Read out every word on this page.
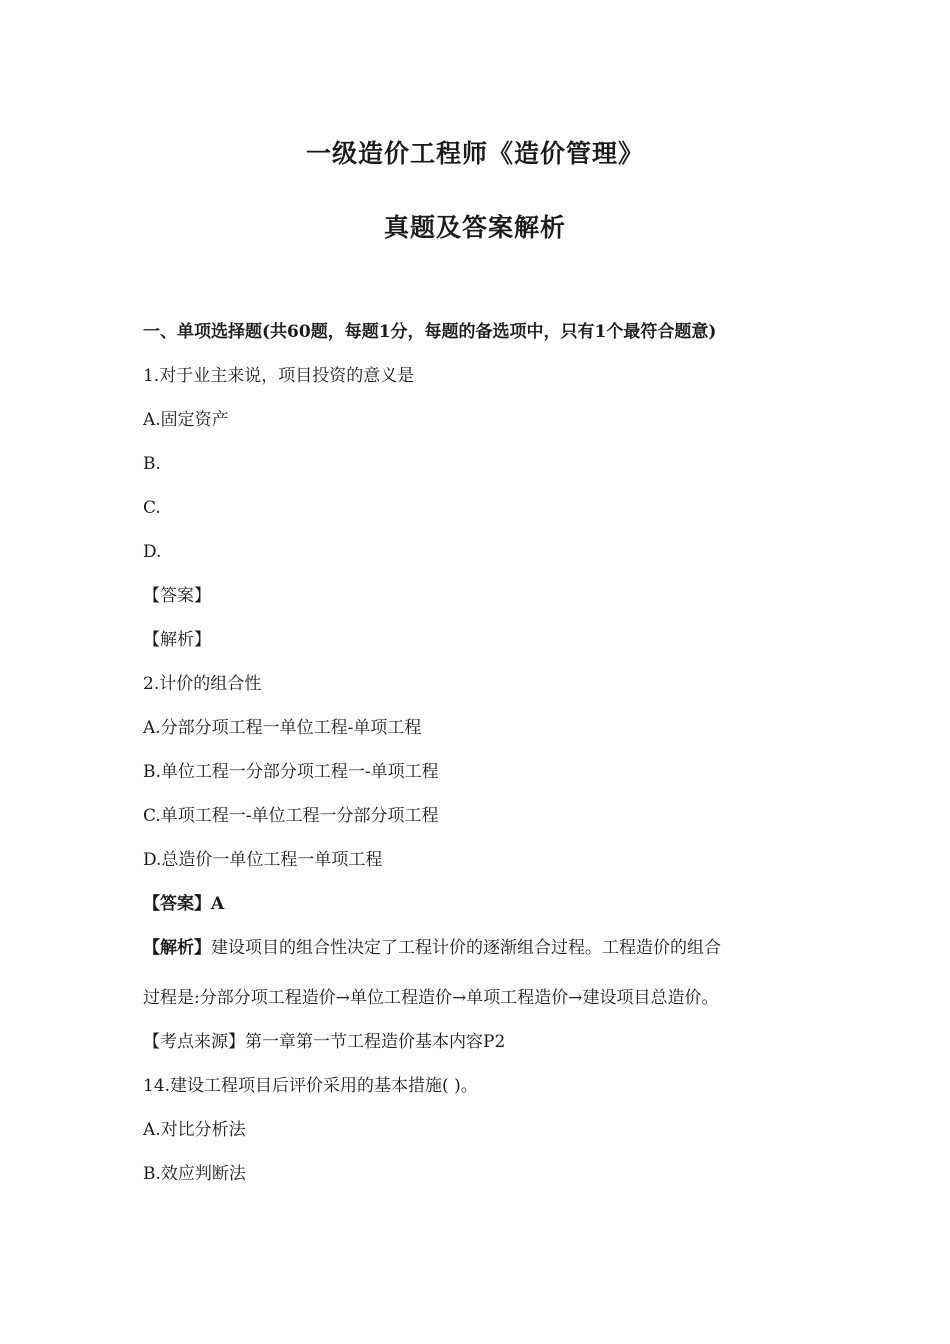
一级造价工程师《造价管理》
真题及答案解析
一、单项选择题(共60题，每题1分，每题的备选项中，只有1个最符合题意)
1.对于业主来说，项目投资的意义是
A.固定资产
B.
C.
D.
【答案】
【解析】
2.计价的组合性
A.分部分项工程一单位工程-单项工程
B.单位工程一分部分项工程一-单项工程
C.单项工程一-单位工程一分部分项工程
D.总造价一单位工程一单项工程
【答案】A
【解析】建设项目的组合性决定了工程计价的逐渐组合过程。工程造价的组合
过程是:分部分项工程造价→单位工程造价→单项工程造价→建设项目总造价。
【考点来源】第一章第一节工程造价基本内容P2
14.建设工程项目后评价采用的基本措施( )。
A.对比分析法
B.效应判断法
